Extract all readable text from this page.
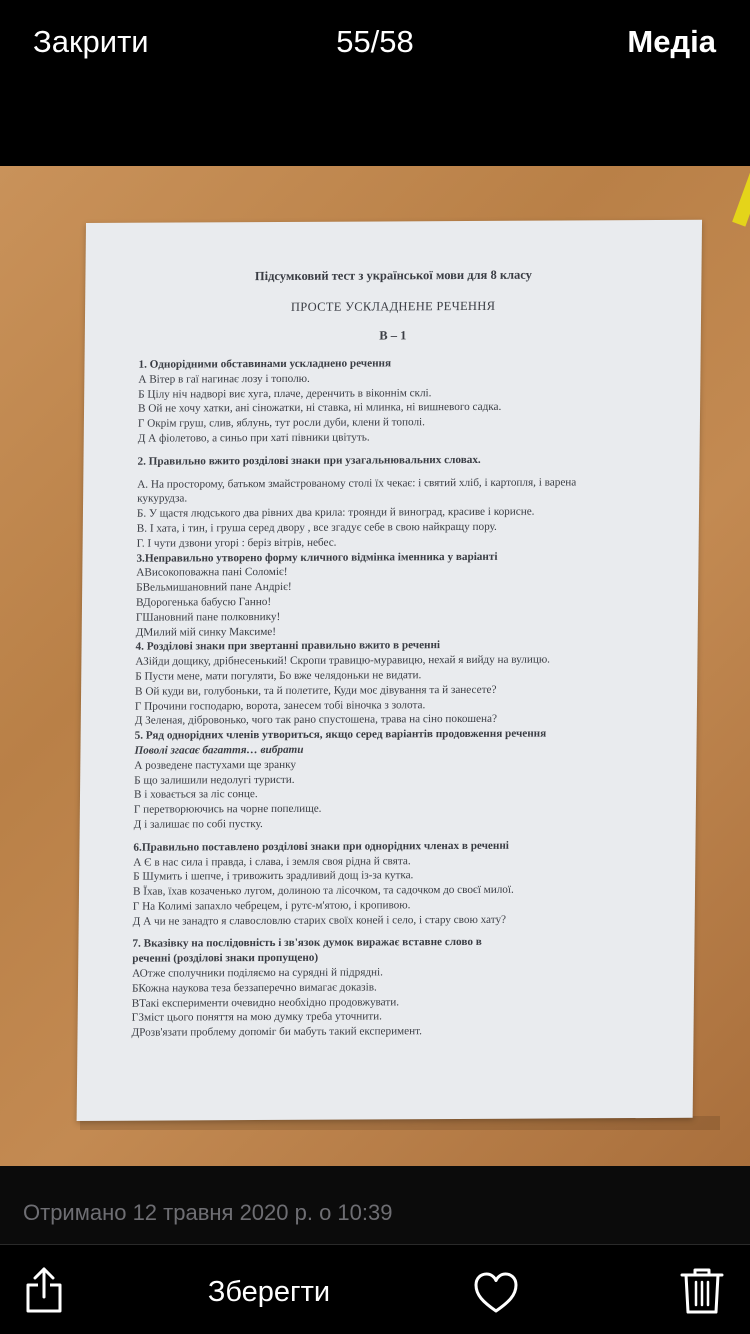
Закрити	55/58	Медіа
Підсумковий тест з української мови для 8 класу
ПРОСТЕ УСКЛАДНЕНЕ РЕЧЕННЯ
В – 1
1. Однорідними обставинами ускладнено речення
А Вітер в гаї нагинає лозу і тополю.
Б Цілу ніч надворі виє хуга, плаче, деренчить в віконнім склі.
В Ой не хочу хатки, ані сіножатки, ні ставка, ні млинка, ні вишневого садка.
Г Окрім груш, слив, яблунь, тут росли дуби, клени й тополі.
Д А фіолетово, а синьо при хаті півники цвітуть.
2. Правильно вжито розділові знаки при узагальнювальних словах.
А. На просторому, батьком змайстрованому столі їх чекає: і святий хліб, і картопля, і варена
кукурудза.
Б. У щастя людського два рівних два крила: троянди й виноград, красиве і корисне.
В. І хата, і тин, і груша серед двору , все згадує себе в свою найкращу пору.
Г. І чути дзвони угорі : беріз вітрів, небес.
3.Неправильно утворено форму кличного відмінка іменника у варіанті
АВисокоповажна пані Соломіє!
БВельмишановний пане Андріє!
ВДорогенька бабусю Ганно!
ГШановний пане полковнику!
ДМилий мій синку Максиме!
4. Розділові знаки при звертанні правильно вжито в реченні
АЗійди дощику, дрібнесенький! Скропи травицю-муравицю, нехай я вийду на вулицю.
Б Пусти мене, мати погуляти, Бо вже челядоньки не видати.
В Ой куди ви, голубоньки, та й полетите, Куди моє дівування та й занесете?
Г Прочини господарю, ворота, занесем тобі віночка з золота.
Д Зеленая, дібровонько, чого так рано спустошена, трава на сіно покошена?
5. Ряд однорідних членів утвориться, якщо серед варіантів продовження речення
Поволі згасає багаття… вибрати
А розведене пастухами ще зранку
Б що залишили недолугі туристи.
В і ховається за ліс сонце.
Г перетворюючись на чорне попелище.
Д і залишає по собі пустку.
6.Правильно поставлено розділові знаки при однорідних членах в реченні
А Є в нас сила і правда, і слава, і земля своя рідна й свята.
Б Шумить і шепче, і тривожить зрадливий дощ із-за кутка.
В Їхав, їхав козаченько лугом, долиною та лісочком, та садочком до своєї милої.
Г На Колимі запахло чебрецем, і рутє-м'ятою, і кропивою.
Д А чи не занадто я славословлю старих своїх коней і село, і стару свою хату?
7. Вказівку на послідовність і зв'язок думок виражає вставне слово в
реченні (розділові знаки пропущено)
АОтже сполучники поділяємо на сурядні й підрядні.
БКожна наукова теза беззаперечно вимагає доказів.
ВТакі експерименти очевидно необхідно продовжувати.
ГЗміст цього поняття на мою думку треба уточнити.
ДРозв'язати проблему допоміг би мабуть такий експеримент.
Отримано 12 травня 2020 р. о 10:39
Зберегти
